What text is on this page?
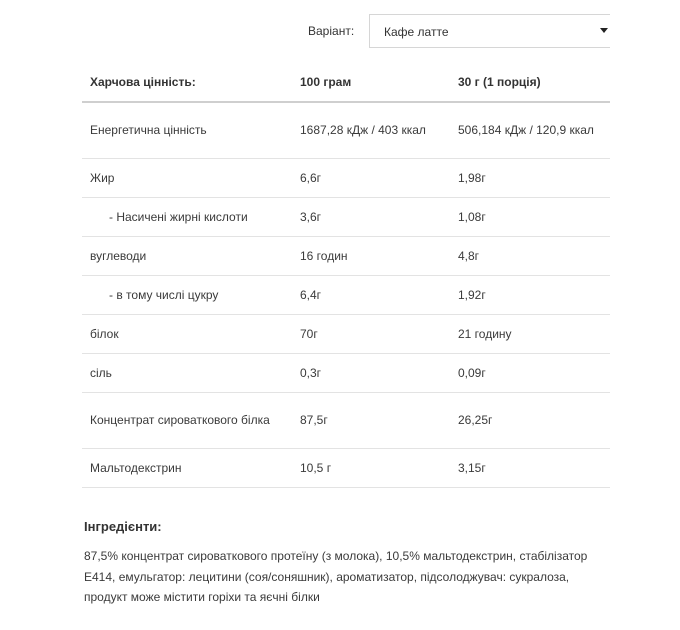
Варіант: Кафе латте
Харчова цінність:	100 грам	30 г (1 порція)
Енергетична цінність	1687,28 кДж / 403 ккал	506,184 кДж / 120,9 ккал
Жир	6,6г	1,98г
- Насичені жирні кислоти	3,6г	1,08г
вуглеводи	16 годин	4,8г
- в тому числі цукру	6,4г	1,92г
білок	70г	21 годину
сіль	0,3г	0,09г
Концентрат сироваткового білка	87,5г	26,25г
Мальтодекстрин	10,5 г	3,15г
Інгредієнти:
87,5% концентрат сироваткового протеїну (з молока), 10,5% мальтодекстрин, стабілізатор E414, емульгатор: лецитини (соя/соняшник), ароматизатор, підсолоджувач: сукралоза, продукт може містити горіхи та яєчні білки
